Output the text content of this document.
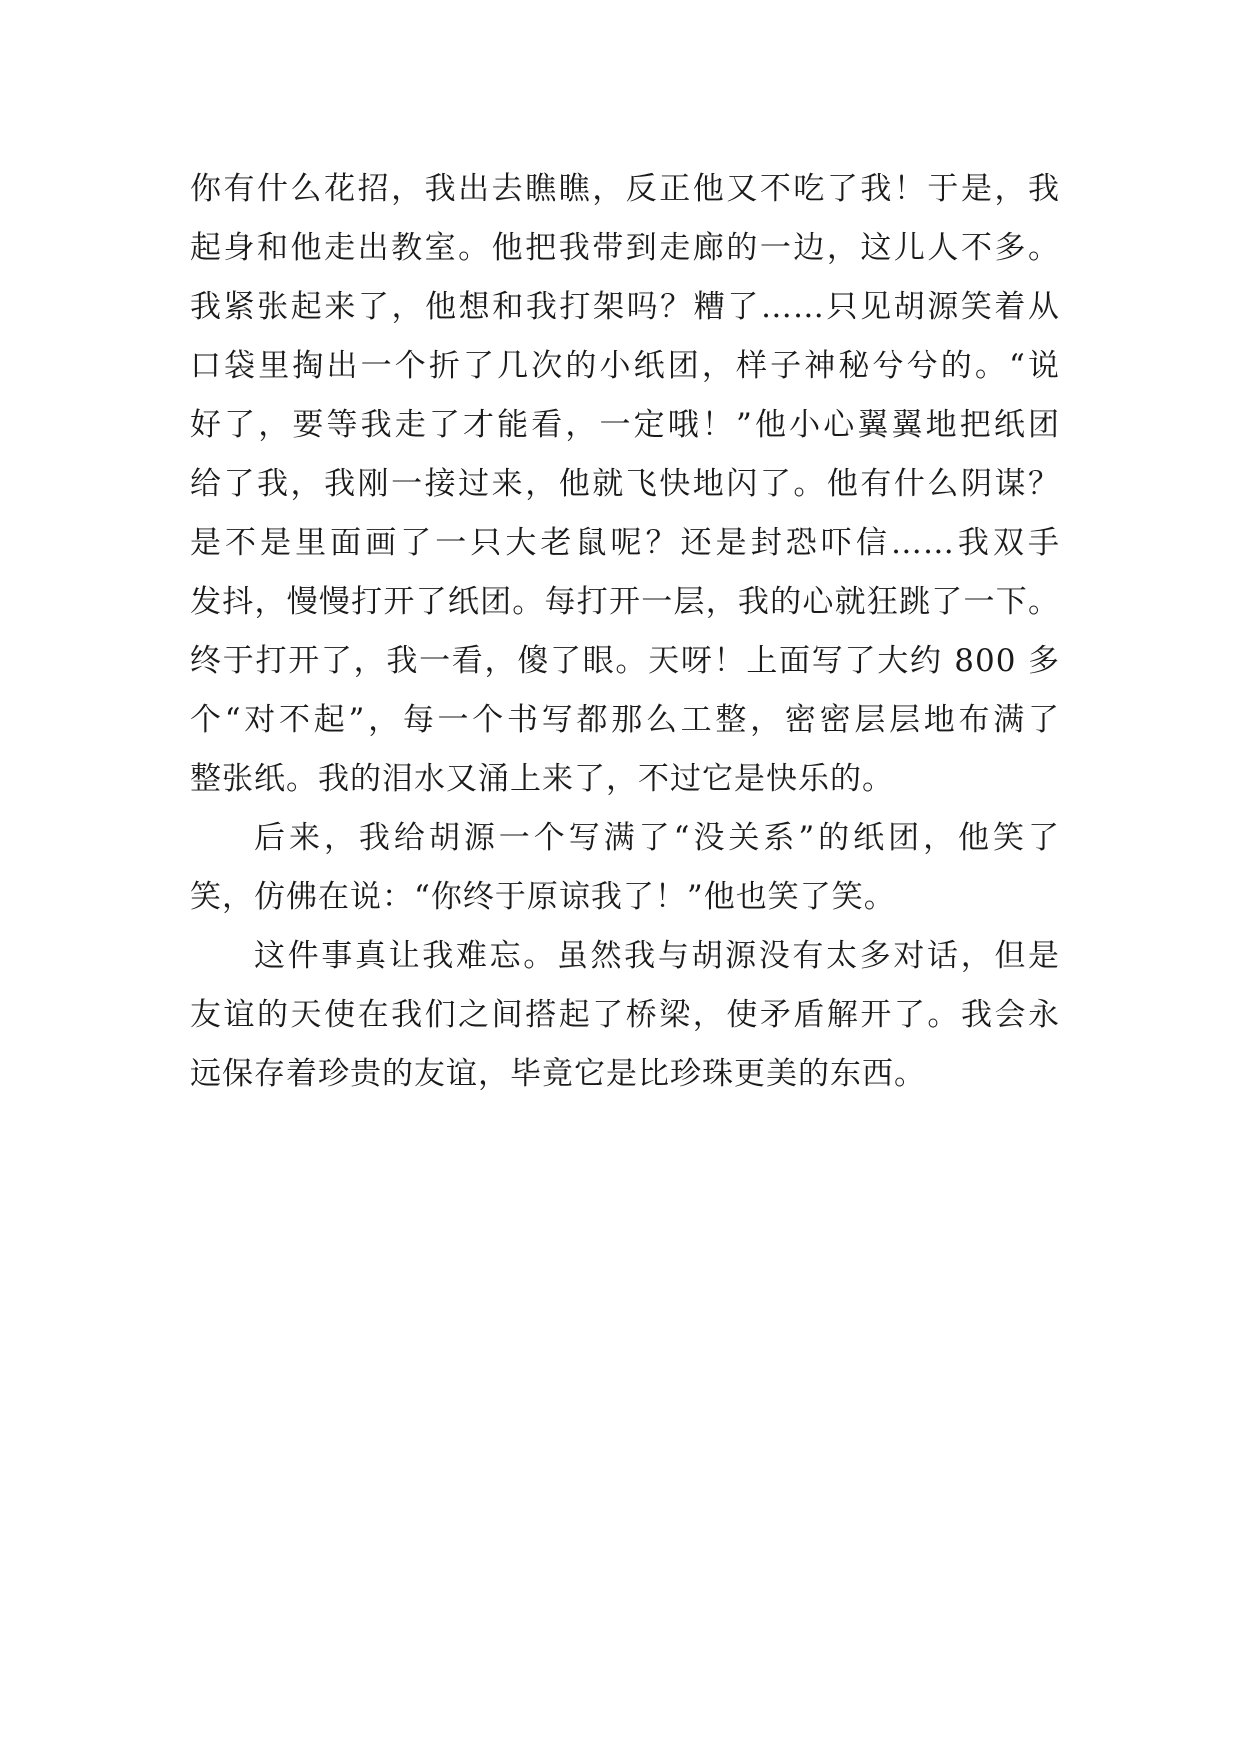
你有什么花招，我出去瞧瞧，反正他又不吃了我！于是，我
起身和他走出教室。他把我带到走廊的一边，这儿人不多。
我紧张起来了，他想和我打架吗？糟了……只见胡源笑着从
口袋里掏出一个折了几次的小纸团，样子神秘兮兮的。“说
好了，要等我走了才能看，一定哦！”他小心翼翼地把纸团
给了我，我刚一接过来，他就飞快地闪了。他有什么阴谋？
是不是里面画了一只大老鼠呢？还是封恐吓信……我双手
发抖，慢慢打开了纸团。每打开一层，我的心就狂跳了一下。
终于打开了，我一看，傻了眼。天呀！上面写了大约 800 多
个“对不起”，每一个书写都那么工整，密密层层地布满了
整张纸。我的泪水又涌上来了，不过它是快乐的。
后来，我给胡源一个写满了“没关系”的纸团，他笑了
笑，仿佛在说：“你终于原谅我了！”他也笑了笑。
这件事真让我难忘。虽然我与胡源没有太多对话，但是
友谊的天使在我们之间搭起了桥梁，使矛盾解开了。我会永
远保存着珍贵的友谊，毕竟它是比珍珠更美的东西。
